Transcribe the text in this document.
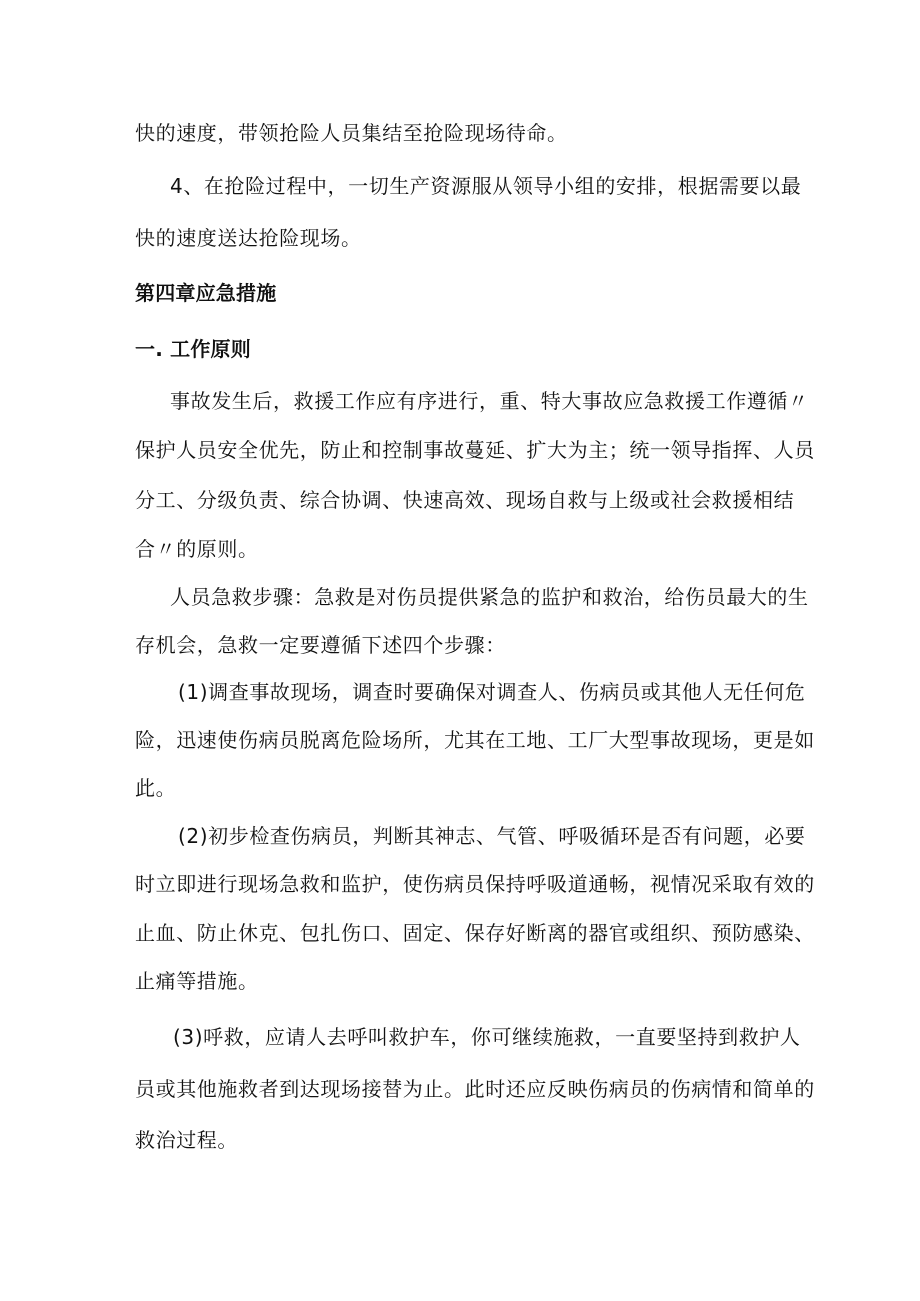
快的速度，带领抢险人员集结至抢险现场待命。
4、在抢险过程中，一切生产资源服从领导小组的安排，根据需要以最
快的速度送达抢险现场。
第四章应急措施
一. 工作原则
事故发生后，救援工作应有序进行，重、特大事故应急救援工作遵循〃
保护人员安全优先，防止和控制事故蔓延、扩大为主；统一领导指挥、人员
分工、分级负责、综合协调、快速高效、现场自救与上级或社会救援相结
合〃的原则。
人员急救步骤：急救是对伤员提供紧急的监护和救治，给伤员最大的生
存机会，急救一定要遵循下述四个步骤：
(1)调查事故现场，调查时要确保对调查人、伤病员或其他人无任何危
险，迅速使伤病员脱离危险场所，尤其在工地、工厂大型事故现场，更是如
此。
(2)初步检查伤病员，判断其神志、气管、呼吸循环是否有问题，必要
时立即进行现场急救和监护，使伤病员保持呼吸道通畅，视情况采取有效的
止血、防止休克、包扎伤口、固定、保存好断离的器官或组织、预防感染、
止痛等措施。
(3)呼救，应请人去呼叫救护车，你可继续施救，一直要坚持到救护人
员或其他施救者到达现场接替为止。此时还应反映伤病员的伤病情和简单的
救治过程。
